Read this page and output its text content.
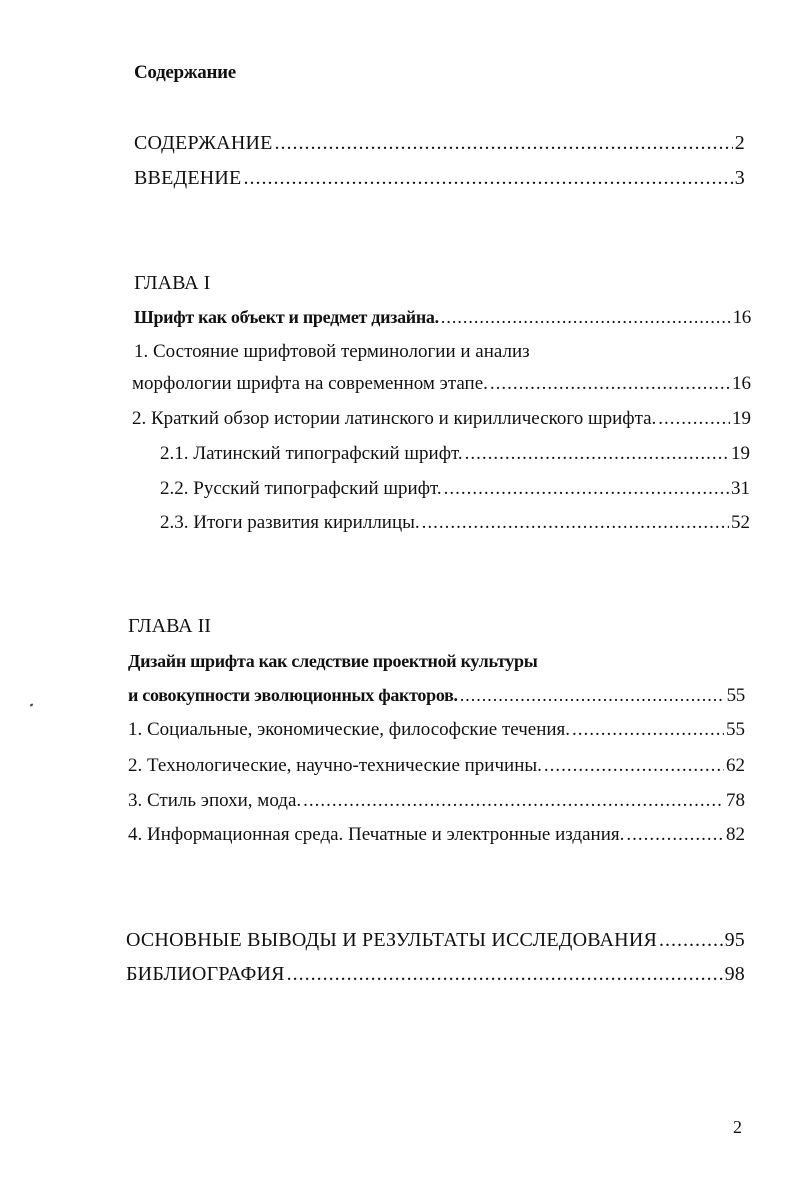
Содержание
СОДЕРЖАНИЕ .....	2
ВВЕДЕНИЕ .....	3
ГЛАВА I
Шрифт как объект и предмет дизайна. .....	16
1. Состояние шрифтовой терминологии и анализ
морфологии шрифта на современном этапе. .....	16
2. Краткий обзор истории латинского и кириллического шрифта. .....	19
2.1. Латинский типографский шрифт. .....	19
2.2. Русский типографский шрифт. .....	31
2.3. Итоги развития кириллицы. .....	52
ГЛАВА II
Дизайн шрифта как следствие проектной культуры
и совокупности эволюционных факторов. .....	55
1. Социальные, экономические, философские течения. .....	55
2. Технологические, научно-технические причины. .....	62
3. Стиль эпохи, мода. .....	78
4. Информационная среда. Печатные и электронные издания. .....	82
ОСНОВНЫЕ ВЫВОДЫ И РЕЗУЛЬТАТЫ ИССЛЕДОВАНИЯ .....	95
БИБЛИОГРАФИЯ .....	98
2
